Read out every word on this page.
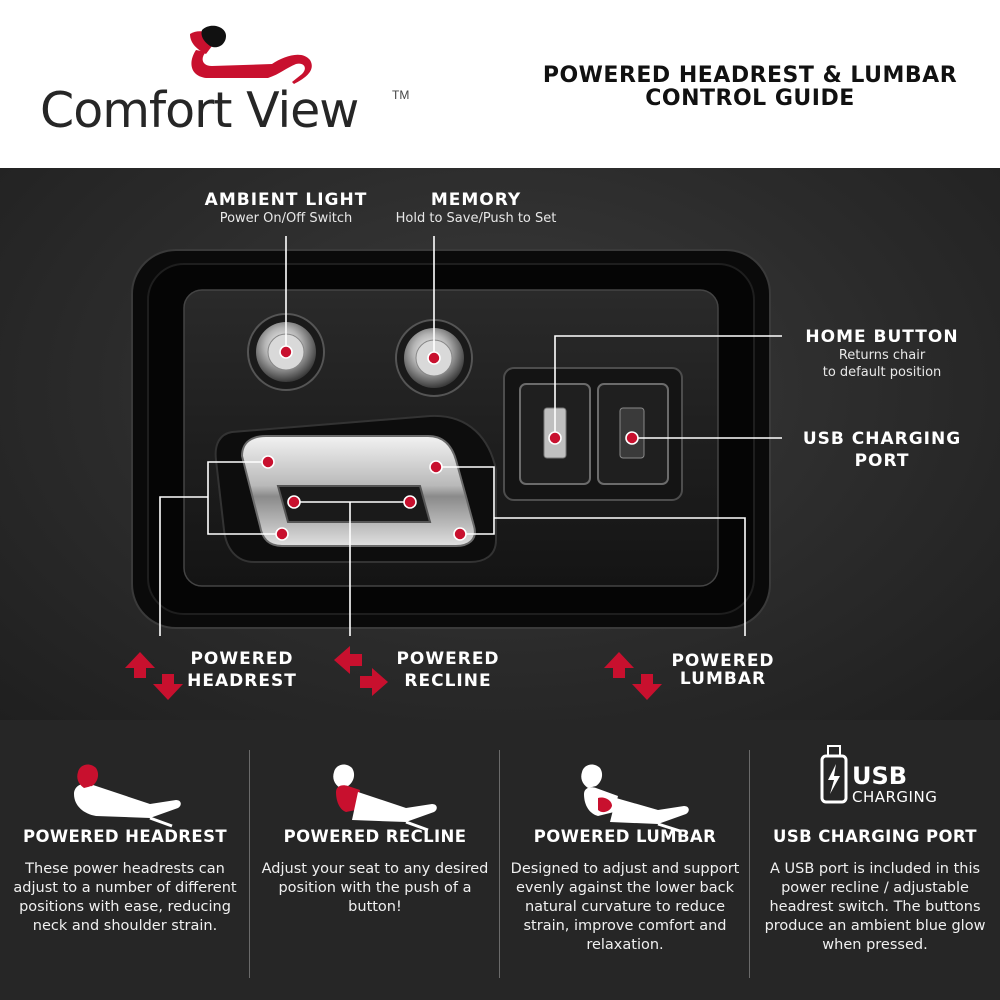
Comfort View	TM
POWERED HEADREST & LUMBAR
CONTROL GUIDE
AMBIENT LIGHT
Power On/Off Switch
MEMORY
Hold to Save/Push to Set
HOME BUTTON
Returns chair
to default position
USB CHARGING
PORT
POWERED
HEADREST
POWERED
RECLINE
POWERED
LUMBAR
POWERED HEADREST
These power headrests can adjust to a number of different positions with ease, reducing neck and shoulder strain.
POWERED RECLINE
Adjust your seat to any desired position with the push of a button!
POWERED LUMBAR
Designed to adjust and support evenly against the lower back natural curvature to reduce strain, improve comfort and relaxation.
USB
CHARGING
USB CHARGING PORT
A USB port is included in this power recline / adjustable headrest switch. The buttons produce an ambient blue glow when pressed.
